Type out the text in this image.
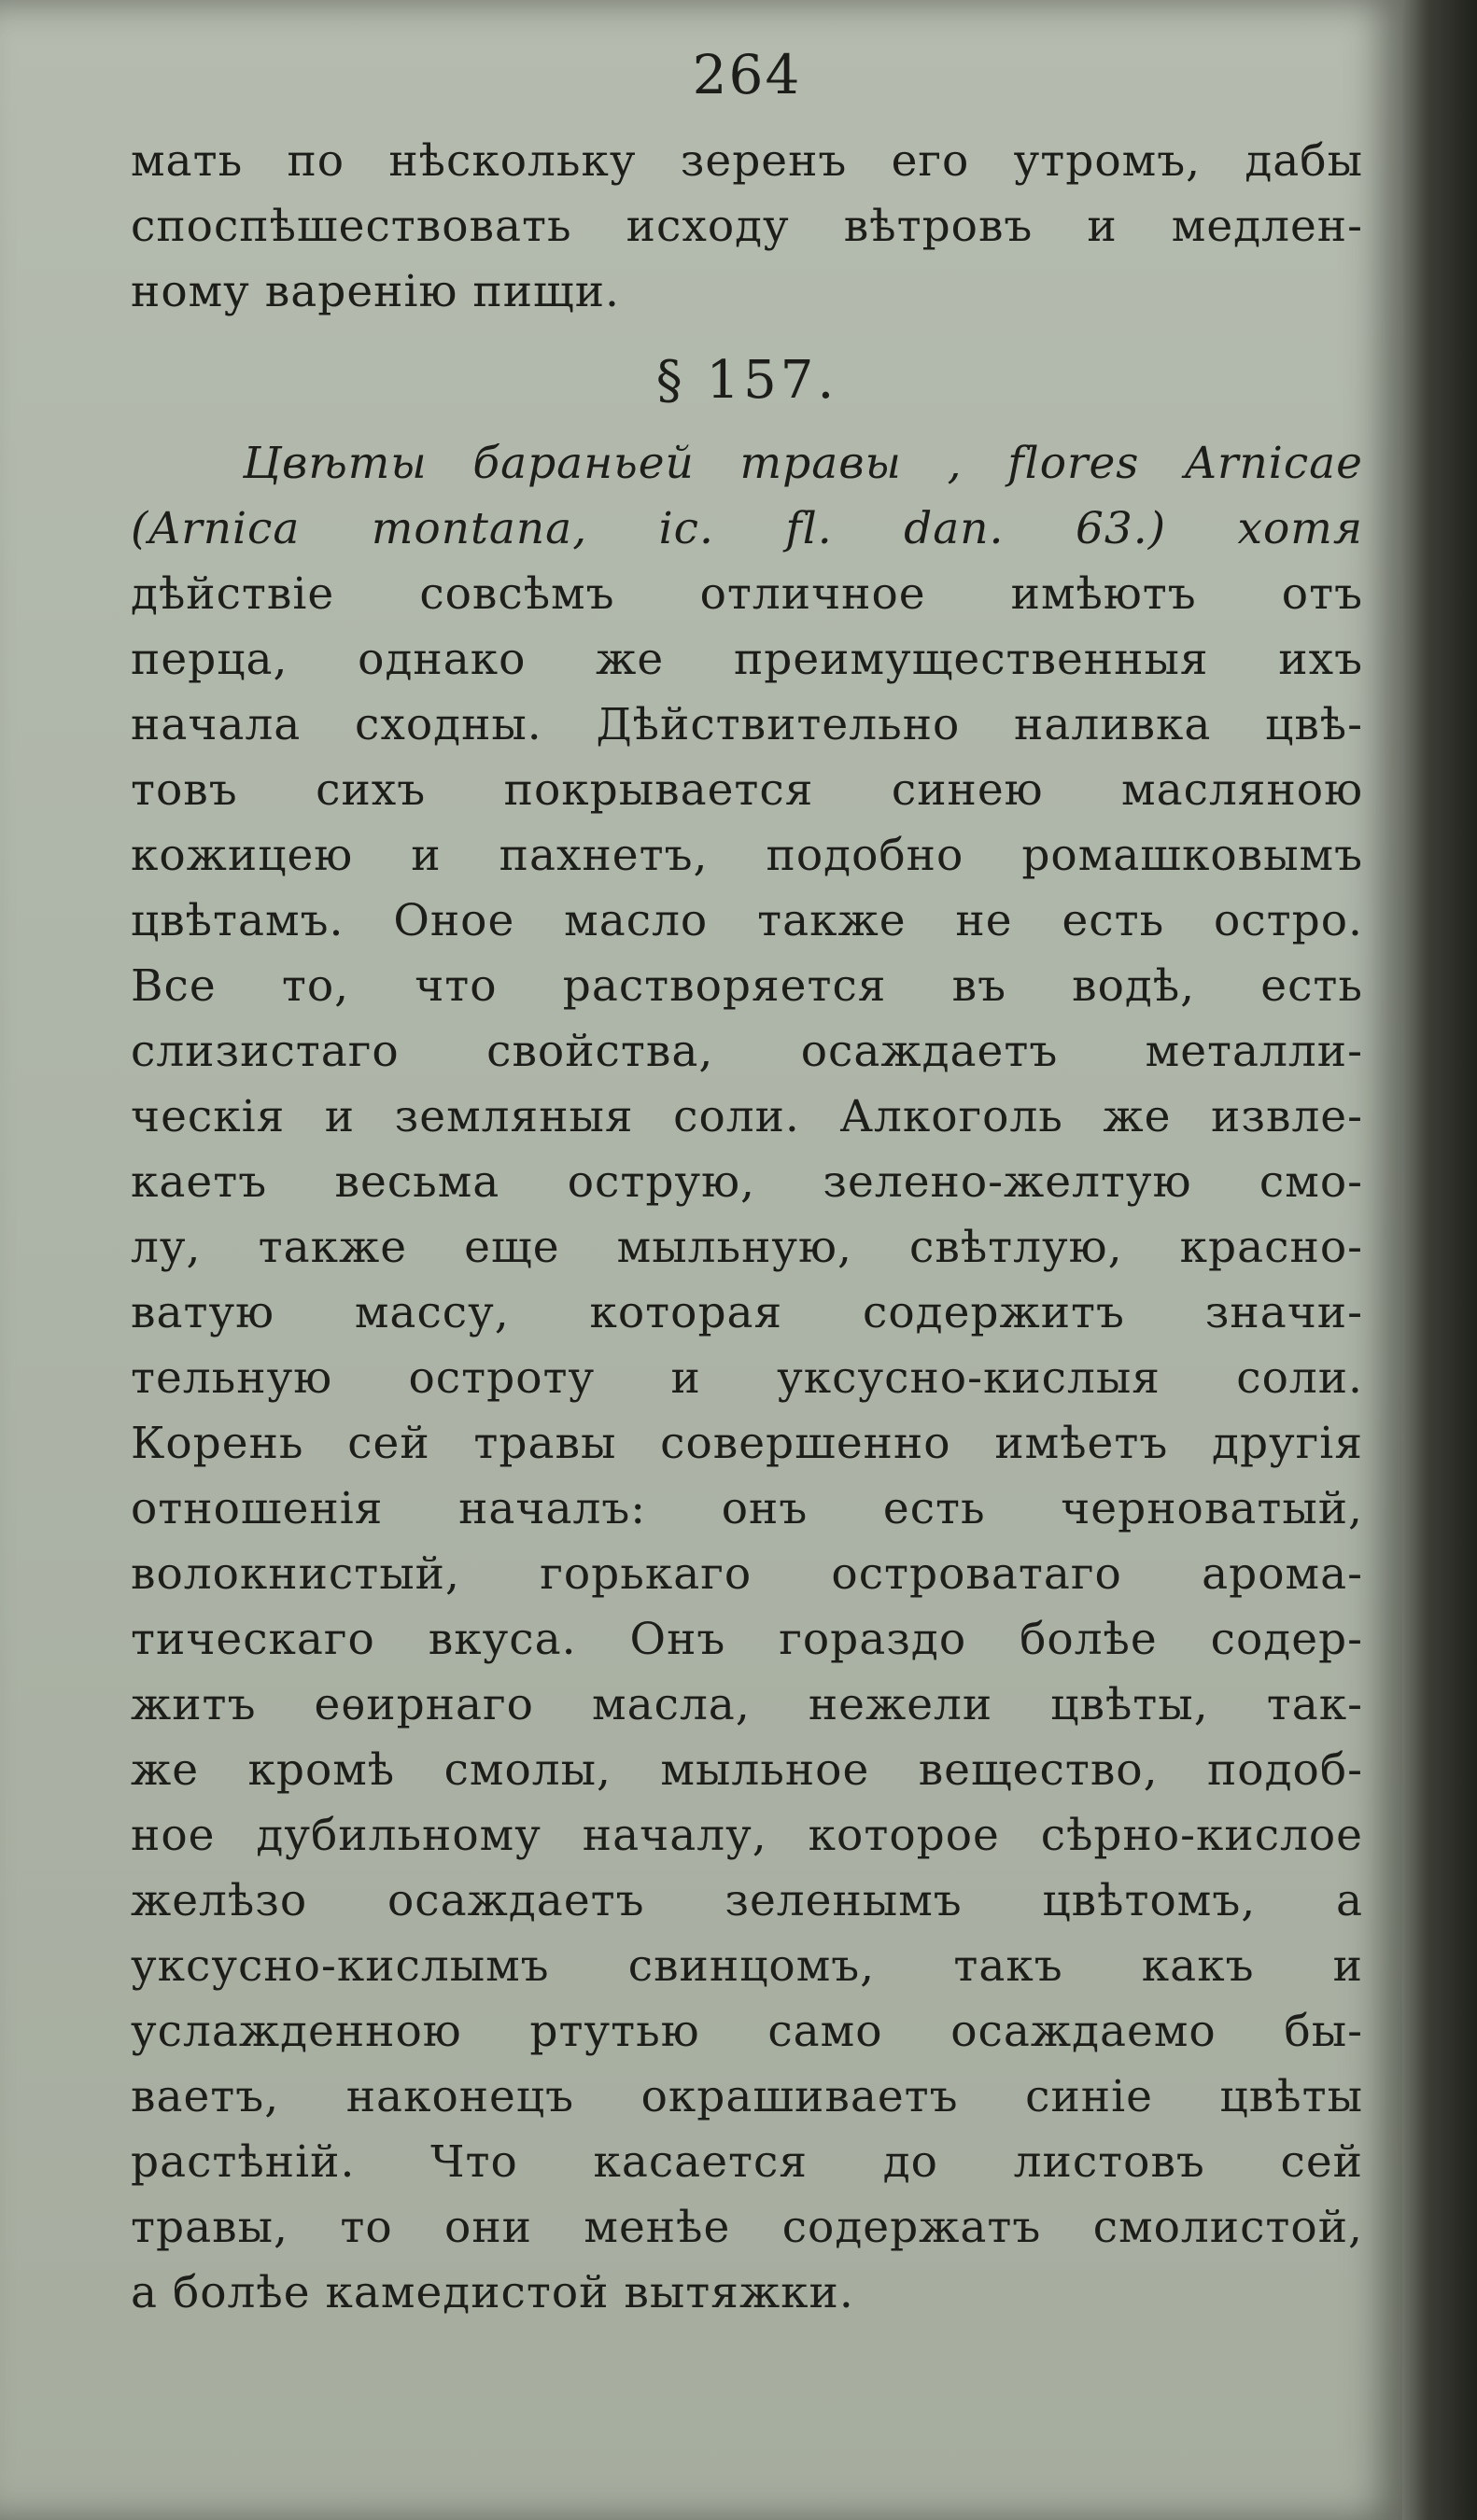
264
мать по нѣскольку зеренъ его утромъ, дабы
споспѣшествовать исходу вѣтровъ и медлен-
ному варенію пищи.
§ 157.
Цвѣты бараньей травы , flores Arnicae
(Arnica montana, ic. fl. dan. 63.) хотя
дѣйствіе совсѣмъ отличное имѣютъ отъ
перца, однако же преимущественныя ихъ
начала сходны. Дѣйствительно наливка цвѣ-
товъ сихъ покрывается синею масляною
кожицею и пахнетъ, подобно ромашковымъ
цвѣтамъ. Оное масло также не есть остро.
Все то, что растворяется въ водѣ, есть
слизистаго свойства, осаждаетъ металли-
ческія и земляныя соли. Алкоголь же извле-
каетъ весьма острую, зелено-желтую смо-
лу, также еще мыльную, свѣтлую, красно-
ватую массу, которая содержитъ значи-
тельную остроту и уксусно-кислыя соли.
Корень сей травы совершенно имѣетъ другія
отношенія началъ: онъ есть черноватый,
волокнистый, горькаго островатаго арома-
тическаго вкуса. Онъ гораздо болѣе содер-
житъ еѳирнаго масла, нежели цвѣты, так-
же кромѣ смолы, мыльное вещество, подоб-
ное дубильному началу, которое сѣрно-кислое
желѣзо осаждаетъ зеленымъ цвѣтомъ, а
уксусно-кислымъ свинцомъ, такъ какъ и
услажденною ртутью само осаждаемо бы-
ваетъ, наконецъ окрашиваетъ синіе цвѣты
растѣній. Что касается до листовъ сей
травы, то они менѣе содержатъ смолистой,
а болѣе камедистой вытяжки.
